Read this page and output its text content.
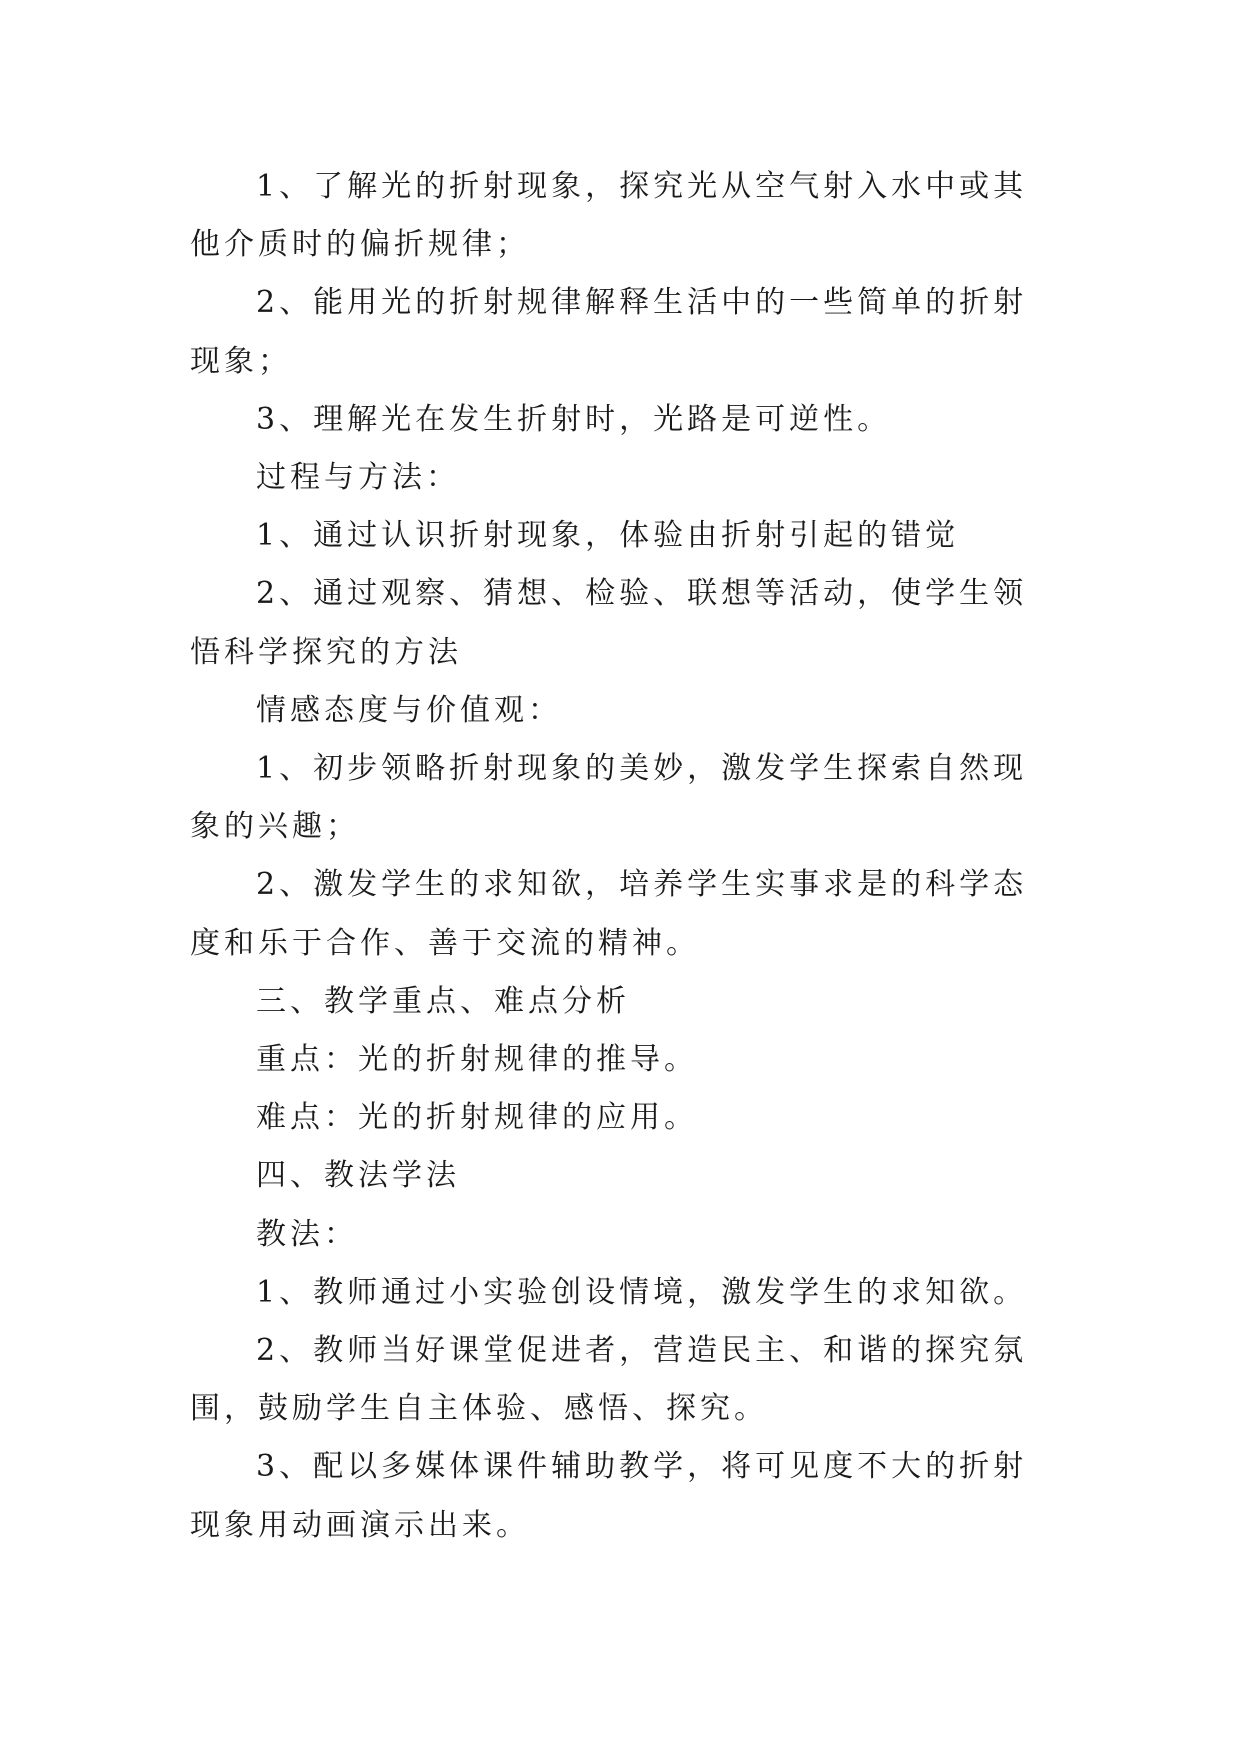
1、了解光的折射现象，探究光从空气射入水中或其他介质时的偏折规律；

2、能用光的折射规律解释生活中的一些简单的折射现象；

3、理解光在发生折射时，光路是可逆性。

过程与方法：

1、通过认识折射现象，体验由折射引起的错觉

2、通过观察、猜想、检验、联想等活动，使学生领悟科学探究的方法

情感态度与价值观：

1、初步领略折射现象的美妙，激发学生探索自然现象的兴趣；

2、激发学生的求知欲，培养学生实事求是的科学态度和乐于合作、善于交流的精神。

三、教学重点、难点分析

重点：光的折射规律的推导。

难点：光的折射规律的应用。

四、教法学法

教法：

1、教师通过小实验创设情境，激发学生的求知欲。

2、教师当好课堂促进者，营造民主、和谐的探究氛围，鼓励学生自主体验、感悟、探究。

3、配以多媒体课件辅助教学，将可见度不大的折射现象用动画演示出来。
